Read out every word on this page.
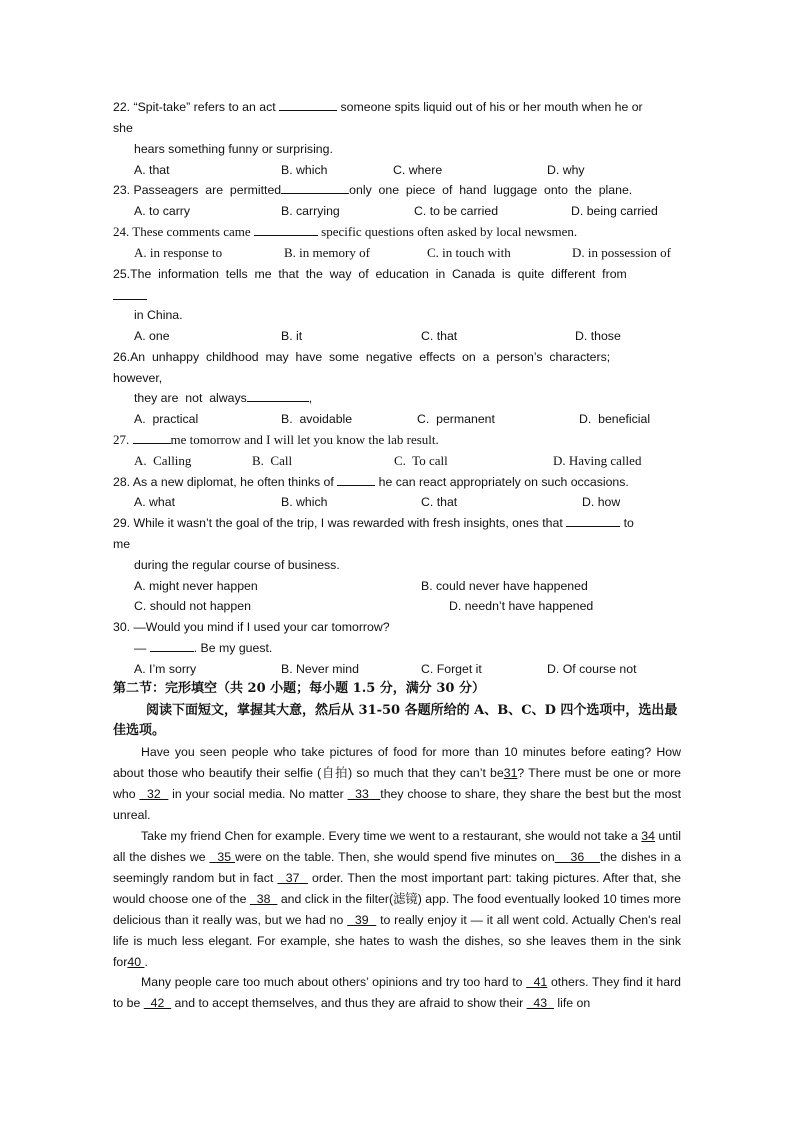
22. “Spit-take” refers to an act	someone spits liquid out of his or her mouth when he or
she
hears something funny or surprising.
A. that	B. which	C. where	D. why
23. Passeagers  are  permitted	only  one  piece  of  hand  luggage  onto  the  plane.
A. to carry	B. carrying	C. to be carried	D. being carried
24. These comments came	specific questions often asked by local newsmen.
A. in response to	B. in memory of	C. in touch with	D. in possession of
25.The  information  tells  me  that  the  way  of  education  in  Canada  is  quite  different  from
in China.
A. one	B. it	C. that	D. those
26.An  unhappy  childhood  may  have  some  negative  effects  on  a  person’s  characters;
however,
they are  not  always	,
A.  practical	B.  avoidable	C.  permanent	D.  beneficial
27.	me tomorrow and I will let you know the lab result.
A.  Calling	B.  Call	C.  To call	D. Having called
28. As a new diplomat, he often thinks of	he can react appropriately on such occasions.
A. what	B. which	C. that	D. how
29. While it wasn’t the goal of the trip, I was rewarded with fresh insights, ones that	to
me
during the regular course of business.
A. might never happen	B. could never have happened
C. should not happen	D. needn’t have happened
30. —Would you mind if I used your car tomorrow?
—	. Be my guest.
A. I’m sorry	B. Never mind	C. Forget it	D. Of course not
第二节：完形填空（共 20 小题；每小题 1.5 分，满分 30 分）
阅读下面短文，掌握其大意，然后从 31-50 各题所给的 A、B、C、D 四个选项中，选出最
佳选项。
Have you seen people who take pictures of food for more than 10 minutes before eating? How about those who beautify their selfie (自拍) so much that they can’t be31? There must be one or more who   32   in your social media. No matter   33   they choose to share, they share the best but the most unreal.
Take my friend Chen for example. Every time we went to a restaurant, she would not take a 34 until all the dishes we   35 were on the table. Then, she would spend five minutes on    36    the dishes in a seemingly random but in fact   37   order. Then the most important part: taking pictures. After that, she would choose one of the   38   and click in the filter(滤镜) app. The food eventually looked 10 times more delicious than it really was, but we had no   39   to really enjoy it — it all went cold. Actually Chen's real life is much less elegant. For example, she hates to wash the dishes, so she leaves them in the sink for40 .
Many people care too much about others’ opinions and try too hard to   41 others. They find it hard to be   42   and to accept themselves, and thus they are afraid to show their   43   life on
